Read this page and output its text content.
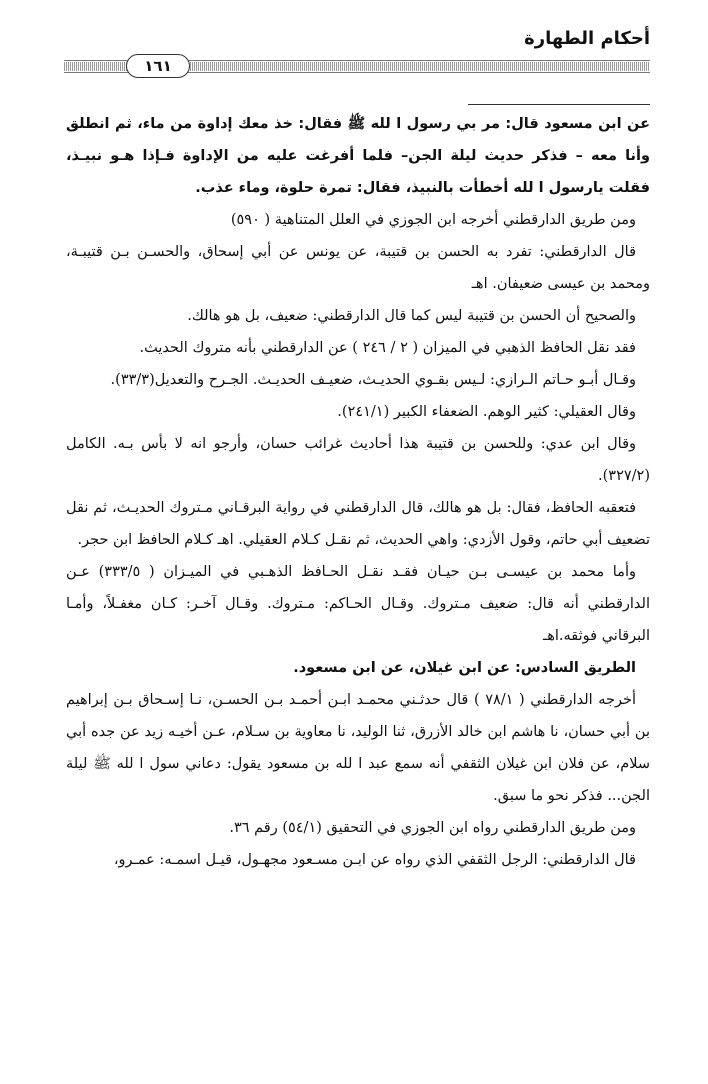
أحكام الطهارة
١٦١

عن ابن مسعود قال: مر بي رسول ا لله ﷺ فقال: خذ معك إداوة من ماء، ثم انطلق وأنا معه – فذكر حديث ليلة الجن– فلما أفرغت عليه من الإداوة فـإذا هـو نبيـذ، فقلت يارسول ا لله أخطأت بالنبيذ، فقال: تمرة حلوة، وماء عذب.

ومن طريق الدارقطني أخرجه ابن الجوزي في العلل المتناهية ( ٥٩٠)

قال الدارقطني: تفرد به الحسن بن قتيبة، عن يونس عن أبي إسحاق، والحسـن بـن قتيبـة، ومحمد بن عيسى ضعيفان. اهـ

والصحيح أن الحسن بن قتيبة ليس كما قال الدارقطني: ضعيف، بل هو هالك.

فقد نقل الحافظ الذهبي في الميزان ( ٢ / ٢٤٦ ) عن الدارقطني بأنه متروك الحديث.

وقـال أبـو حـاتم الـرازي: لـيس بقـوي الحديـث، ضعيـف الحديـث. الجـرح والتعديل(٣٣/٣).

وقال العقيلي: كثير الوهم. الضعفاء الكبير (٢٤١/١).

وقال ابن عدي: وللحسن بن قتيبة هذا أحاديث غرائب حسان، وأرجو انه لا بأس بـه. الكامل (٣٢٧/٢).

فتعقبه الحافظ، فقال: بل هو هالك، قال الدارقطني في رواية البرقـاني مـتروك الحديـث، ثم نقل تضعيف أبي حاتم، وقول الأزدي: واهي الحديث، ثم نقـل كـلام العقيلي. اهـ كـلام الحافظ ابن حجر.

وأما محمد بن عيسـى بـن حيـان فقـد نقـل الحـافظ الذهـبي في الميـزان ( ٣٣٣/٥) عـن الدارقطني أنه قال: ضعيف مـتروك. وقـال الحـاكم: مـتروك. وقـال آخـر: كـان مغفـلاً، وأمـا البرقاني فوثقه.اهـ

الطريق السادس: عن ابن غيلان، عن ابن مسعود.

أخرجه الدارقطني ( ٧٨/١ ) قال حدثـني محمـد ابـن أحمـد بـن الحسـن، نـا إسـحاق بـن إبراهيم بن أبي حسان، نا هاشم ابن خالد الأزرق، ثنا الوليد، نا معاوية بن سـلام، عـن أخيـه زيد عن جده أبي سلام، عن فلان ابن غيلان الثقفي أنه سمع عبد ا لله بن مسعود يقول: دعاني سول ا لله ﷺ ليلة الجن... فذكر نحو ما سبق.

ومن طريق الدارقطني رواه ابن الجوزي في التحقيق (٥٤/١) رقم ٣٦.

قال الدارقطني: الرجل الثقفي الذي رواه عن ابـن مسـعود مجهـول، قيـل اسمـه: عمـرو،
